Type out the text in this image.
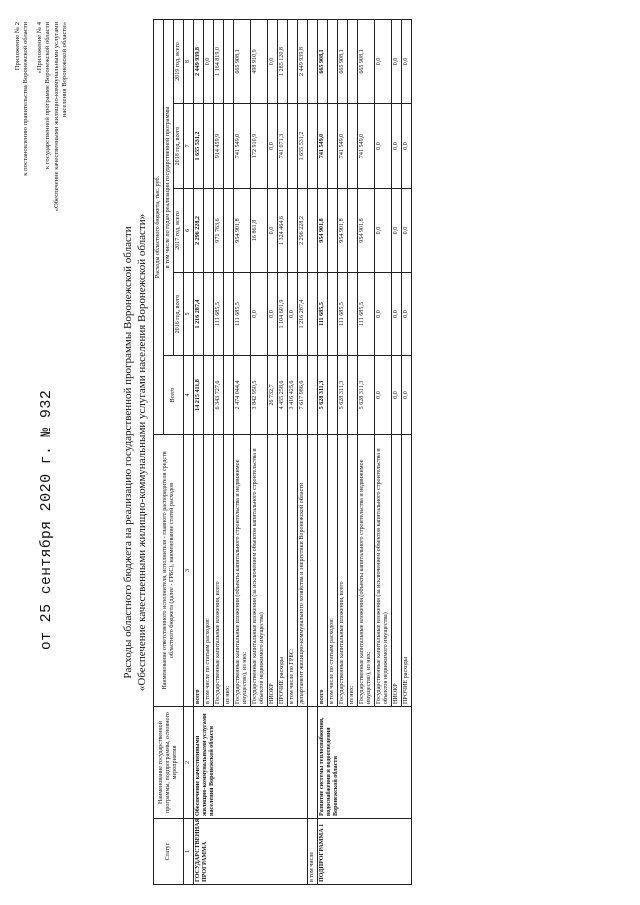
Приложение № 2 к постановлению правительства Воронежской области
от 25 сентября 2020 г. № 932
«Приложение № 4 к государственной программе Воронежской области «Обеспечение качественными жилищно-коммунальными услугами населения Воронежской области»
Расходы областного бюджета на реализацию государственной программы Воронежской области «Обеспечение качественными жилищно-коммунальными услугами населения Воронежской области»
Статус	Наименование государственной программы, подпрограммы, основного мероприятия	Наименование ответственного исполнителя, исполнителя - главного распорядителя средств областного бюджета (далее - ГРБС), наименование статей расходов	Расходы областного бюджета, тыс. руб.				
			Всего	в том числе по годам реализации государственной программы			
				2016 год, всего	2017 год, всего	2018 год, всего	2019 год, всего
1	2	3	4	5	6	7	8
ГОСУДАРСТВЕННАЯ ПРОГРАММА	Обеспечение качественными жилищно-коммунальными услугами населения Воронежской области	всего	14 215 411,8	1 216 287,4	2 296 228,2	1 655 531,2	2 449 939,8
		в том числе по статьям расходов:					0,0
		Государственные капитальные вложения, всего	6 343 727,6	111 685,5	971 763,6	914 459,9	1 164 819,0
		из них:					
		Государственные капитальные вложения (объекты капитального строительства и недвижимое имущество), из них:	2 474 044,4	111 685,5	954 901,8	741 549,0	665 908,1
		Государственные капитальные вложения (за исключением объектов капитального строительства и объектов недвижимого имущества)	3 842 950,5	0,0	16 861,8	172 910,9	498 910,9
		НИОКР	26 732,7	0,0	0,0	0,0	0,0
		ПРОЧИЕ расходы	4 455 258,6	1 104 601,9	1 324 464,6	741 071,3	1 285 120,8
		в том числе по ГРБС:	3 416 425,6	0,0			
		департамент жилищно-коммунального хозяйства и энергетики Воронежской области	7 617 986,6	1 216 287,4	2 296 228,2	1 655 531,2	2 449 939,8
в том числе							
ПОДПРОГРАММА 1	Развитие системы теплоснабжения, водоснабжения и водоотведения Воронежской области	всего	5 628 311,3	111 685,5	954 901,8	741 549,0	665 908,1
		в том числе по статьям расходов:					
		Государственные капитальные вложения, всего	5 628 311,3	111 685,5	954 901,8	741 549,0	665 908,1
		из них:					
		Государственные капитальные вложения (объекты капитального строительства и недвижимое имущество), из них:	5 628 311,3	111 685,5	954 901,8	741 549,0	665 908,1
		Государственные капитальные вложения (за исключением объектов капитального строительства и объектов недвижимого имущества)	0,0	0,0	0,0	0,0	0,0
		НИОКР	0,0	0,0	0,0	0,0	0,0
		ПРОЧИЕ расходы	0,0	0,0	0,0	0,0	0,0
